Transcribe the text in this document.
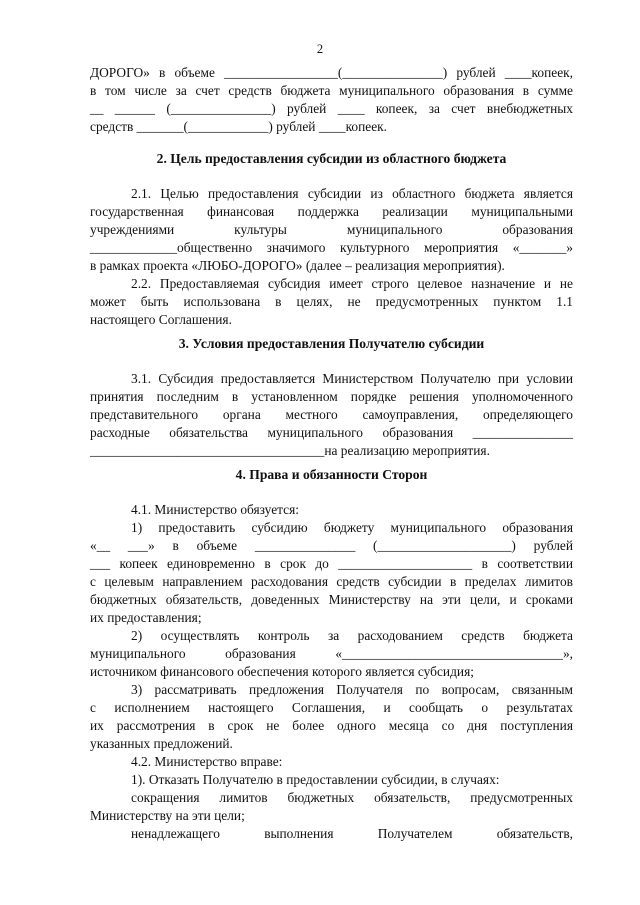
2
ДОРОГО» в объеме _________________(_______________) рублей ____копеек,
в том числе за счет средств бюджета муниципального образования в сумме
__ ______ (_______________) рублей ____ копеек, за счет внебюджетных
средств _______(____________) рублей ____копеек.
2. Цель предоставления субсидии из областного бюджета
2.1. Целью предоставления субсидии из областного бюджета является
государственная финансовая поддержка реализации муниципальными
учреждениями культуры муниципального образования
_____________общественно значимого культурного мероприятия «_______»
в рамках проекта «ЛЮБО-ДОРОГО» (далее – реализация мероприятия).
2.2. Предоставляемая субсидия имеет строго целевое назначение и не
может быть использована в целях, не предусмотренных пунктом 1.1
настоящего Соглашения.
3. Условия предоставления Получателю субсидии
3.1. Субсидия предоставляется Министерством Получателю при условии
принятия последним в установленном порядке решения уполномоченного
представительного органа местного самоуправления, определяющего
расходные обязательства муниципального образования _______________
___________________________________на реализацию мероприятия.
4. Права и обязанности Сторон
4.1. Министерство обязуется:
1) предоставить субсидию бюджету муниципального образования
«__ ___» в объеме _______________ (____________________) рублей
___ копеек единовременно в срок до ____________________ в соответствии
с целевым направлением расходования средств субсидии в пределах лимитов
бюджетных обязательств, доведенных Министерству на эти цели, и сроками
их предоставления;
2) осуществлять контроль за расходованием средств бюджета
муниципального образования «_________________________________»,
источником финансового обеспечения которого является субсидия;
3) рассматривать предложения Получателя по вопросам, связанным
с исполнением настоящего Соглашения, и сообщать о результатах
их рассмотрения в срок не более одного месяца со дня поступления
указанных предложений.
4.2. Министерство вправе:
1). Отказать Получателю в предоставлении субсидии, в случаях:
сокращения лимитов бюджетных обязательств, предусмотренных
Министерству на эти цели;
ненадлежащего выполнения Получателем обязательств,
